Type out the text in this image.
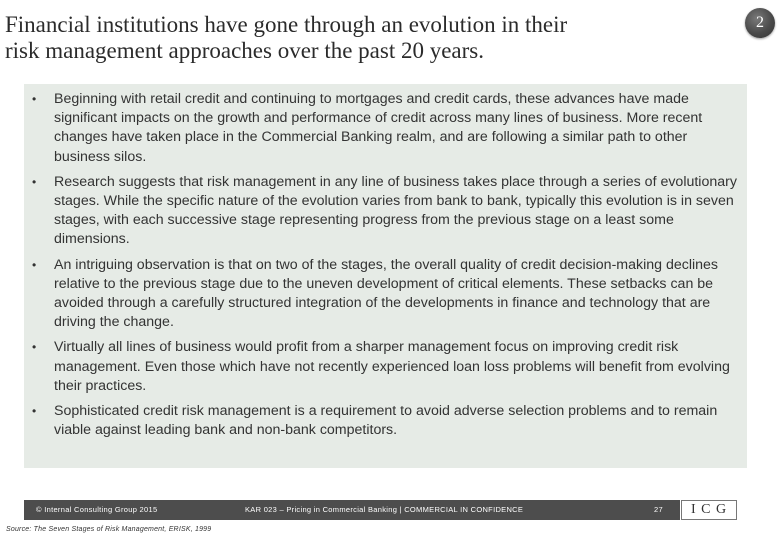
Financial institutions have gone through an evolution in their
risk management approaches over the past 20 years.
2
• Beginning with retail credit and continuing to mortgages and credit cards, these advances have made significant impacts on the growth and performance of credit across many lines of business. More recent changes have taken place in the Commercial Banking realm, and are following a similar path to other business silos.
• Research suggests that risk management in any line of business takes place through a series of evolutionary stages. While the specific nature of the evolution varies from bank to bank, typically this evolution is in seven stages, with each successive stage representing progress from the previous stage on a least some dimensions.
• An intriguing observation is that on two of the stages, the overall quality of credit decision-making declines relative to the previous stage due to the uneven development of critical elements. These setbacks can be avoided through a carefully structured integration of the developments in finance and technology that are driving the change.
• Virtually all lines of business would profit from a sharper management focus on improving credit risk management. Even those which have not recently experienced loan loss problems will benefit from evolving their practices.
• Sophisticated credit risk management is a requirement to avoid adverse selection problems and to remain viable against leading bank and non-bank competitors.
© Internal Consulting Group 2015	KAR 023 – Pricing in Commercial Banking | COMMERCIAL IN CONFIDENCE	27	I C G
Source: The Seven Stages of Risk Management, ERISK, 1999
